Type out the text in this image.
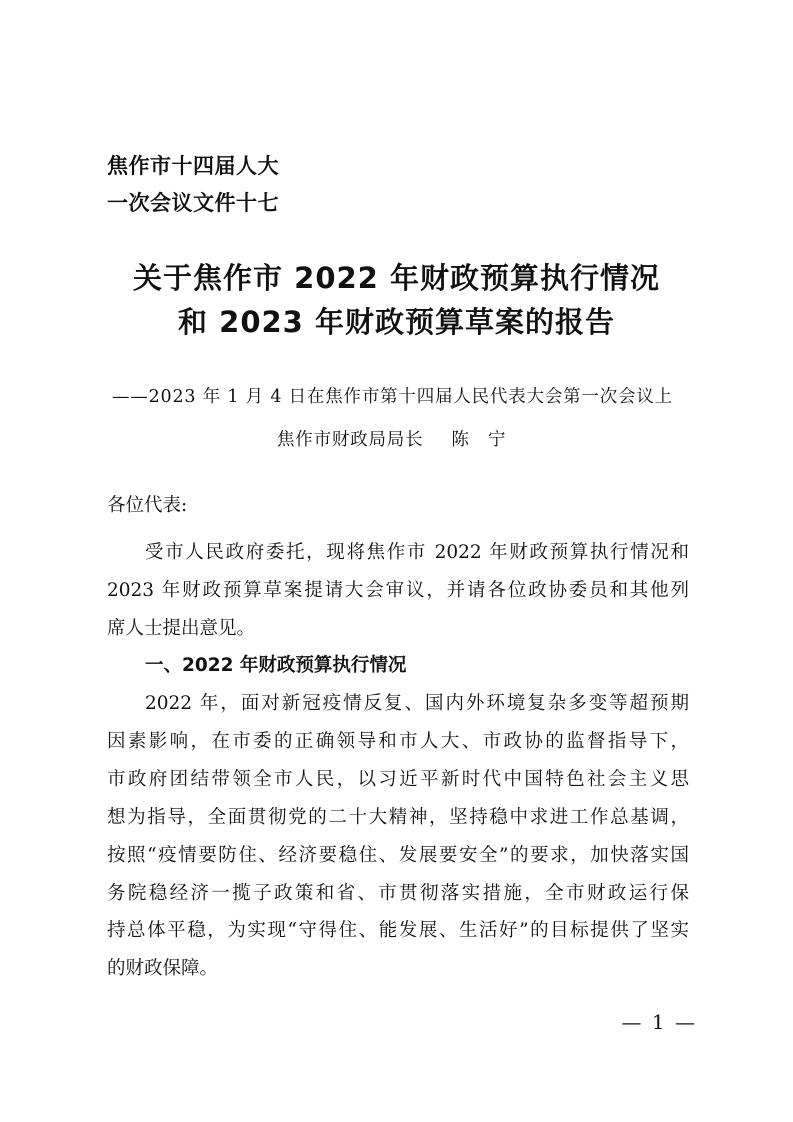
焦作市十四届人大
一次会议文件十七
关于焦作市 2022 年财政预算执行情况
和 2023 年财政预算草案的报告
——2023 年 1 月 4 日在焦作市第十四届人民代表大会第一次会议上
焦作市财政局局长 陈　宁
各位代表:
受市人民政府委托，现将焦作市 2022 年财政预算执行情况和
2023 年财政预算草案提请大会审议，并请各位政协委员和其他列
席人士提出意见。
一、2022 年财政预算执行情况
2022 年，面对新冠疫情反复、国内外环境复杂多变等超预期
因素影响，在市委的正确领导和市人大、市政协的监督指导下，
市政府团结带领全市人民，以习近平新时代中国特色社会主义思
想为指导，全面贯彻党的二十大精神，坚持稳中求进工作总基调，
按照“疫情要防住、经济要稳住、发展要安全”的要求，加快落实国
务院稳经济一揽子政策和省、市贯彻落实措施，全市财政运行保
持总体平稳，为实现“守得住、能发展、生活好”的目标提供了坚实
的财政保障。
— 1 —
